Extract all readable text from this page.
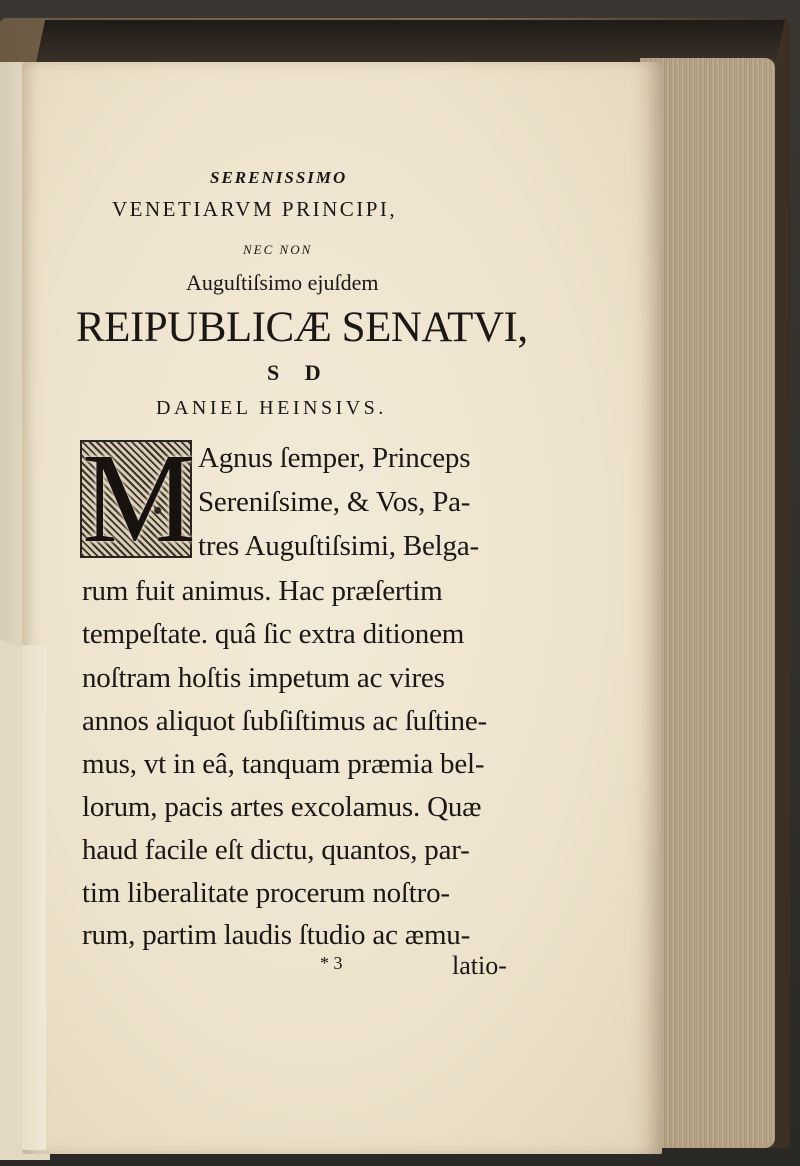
SERENISSIMO
VENETIARVM PRINCIPI,
NEC NON
Auguſtiſsimo ejuſdem
REIPUBLICÆ SENATVI,
S D
DANIEL HEINSIVS.
M Agnus ſemper, Princeps
Sereniſsime, & Vos, Pa-
tres Auguſtiſsimi, Belga-
rum fuit animus. Hac præſertim
tempeſtate. quâ ſic extra ditionem
noſtram hoſtis impetum ac vires
annos aliquot ſubſiſtimus ac ſuſtine-
mus, vt in eâ, tanquam præmia bel-
lorum, pacis artes excolamus. Quæ
haud facile eſt dictu, quantos, par-
tim liberalitate procerum noſtro-
rum, partim laudis ſtudio ac æmu-
* 3	latio-
